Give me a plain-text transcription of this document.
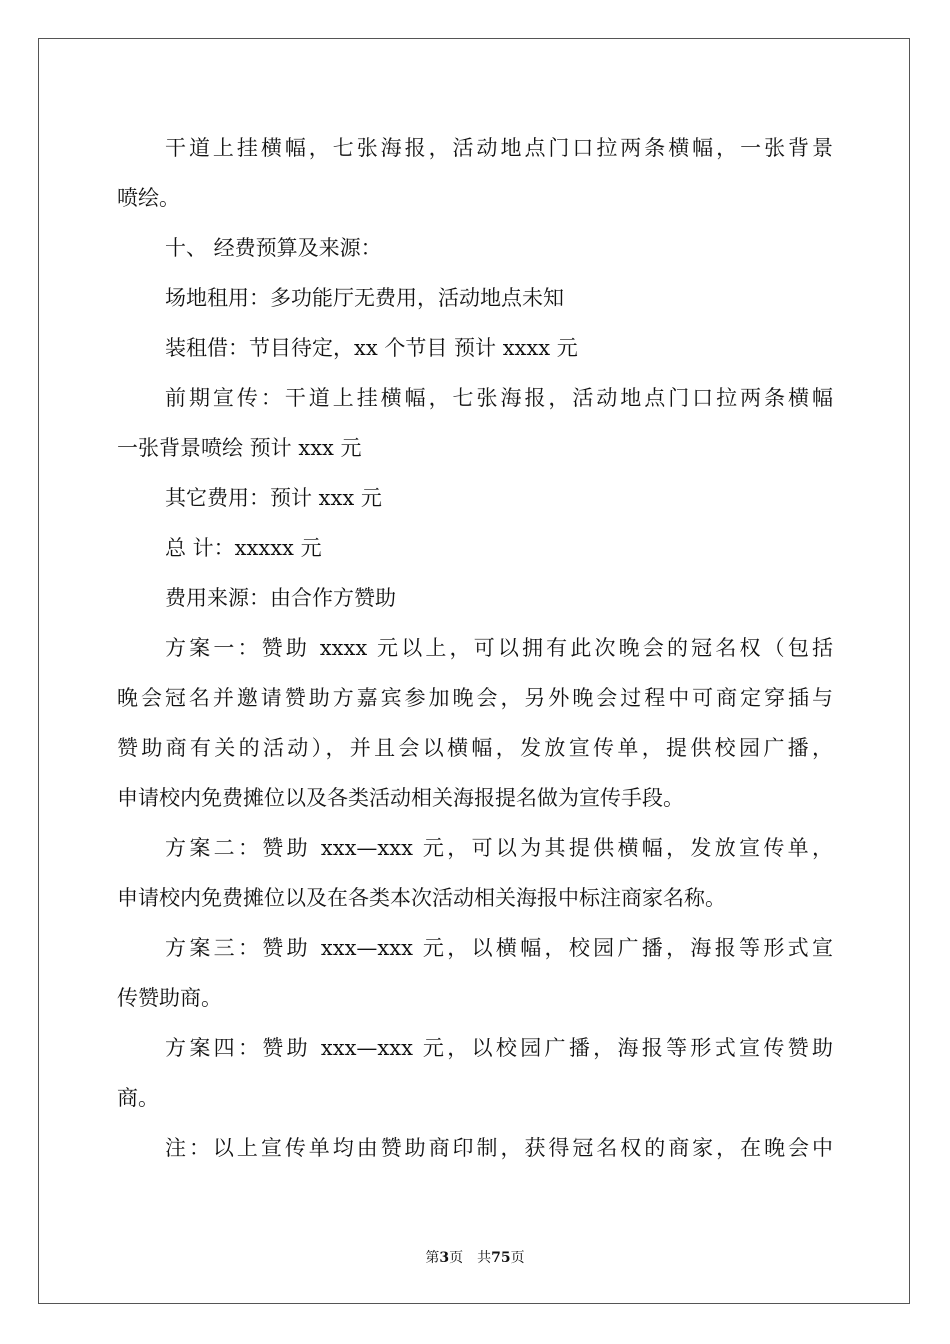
干道上挂横幅，七张海报，活动地点门口拉两条横幅，一张背景
喷绘。
十、 经费预算及来源：
场地租用：多功能厅无费用，活动地点未知
装租借：节目待定，xx 个节目 预计 xxxx 元
前期宣传：干道上挂横幅，七张海报，活动地点门口拉两条横幅
一张背景喷绘 预计 xxx 元
其它费用：预计 xxx 元
总 计：xxxxx 元
费用来源：由合作方赞助
方案一：赞助 xxxx 元以上，可以拥有此次晚会的冠名权（包括
晚会冠名并邀请赞助方嘉宾参加晚会，另外晚会过程中可商定穿插与
赞助商有关的活动），并且会以横幅，发放宣传单，提供校园广播，
申请校内免费摊位以及各类活动相关海报提名做为宣传手段。
方案二：赞助 xxx—xxx 元，可以为其提供横幅，发放宣传单，
申请校内免费摊位以及在各类本次活动相关海报中标注商家名称。
方案三：赞助 xxx—xxx 元，以横幅，校园广播，海报等形式宣
传赞助商。
方案四：赞助 xxx—xxx 元，以校园广播，海报等形式宣传赞助
商。
注：以上宣传单均由赞助商印制，获得冠名权的商家，在晚会中
第3页 共75页
